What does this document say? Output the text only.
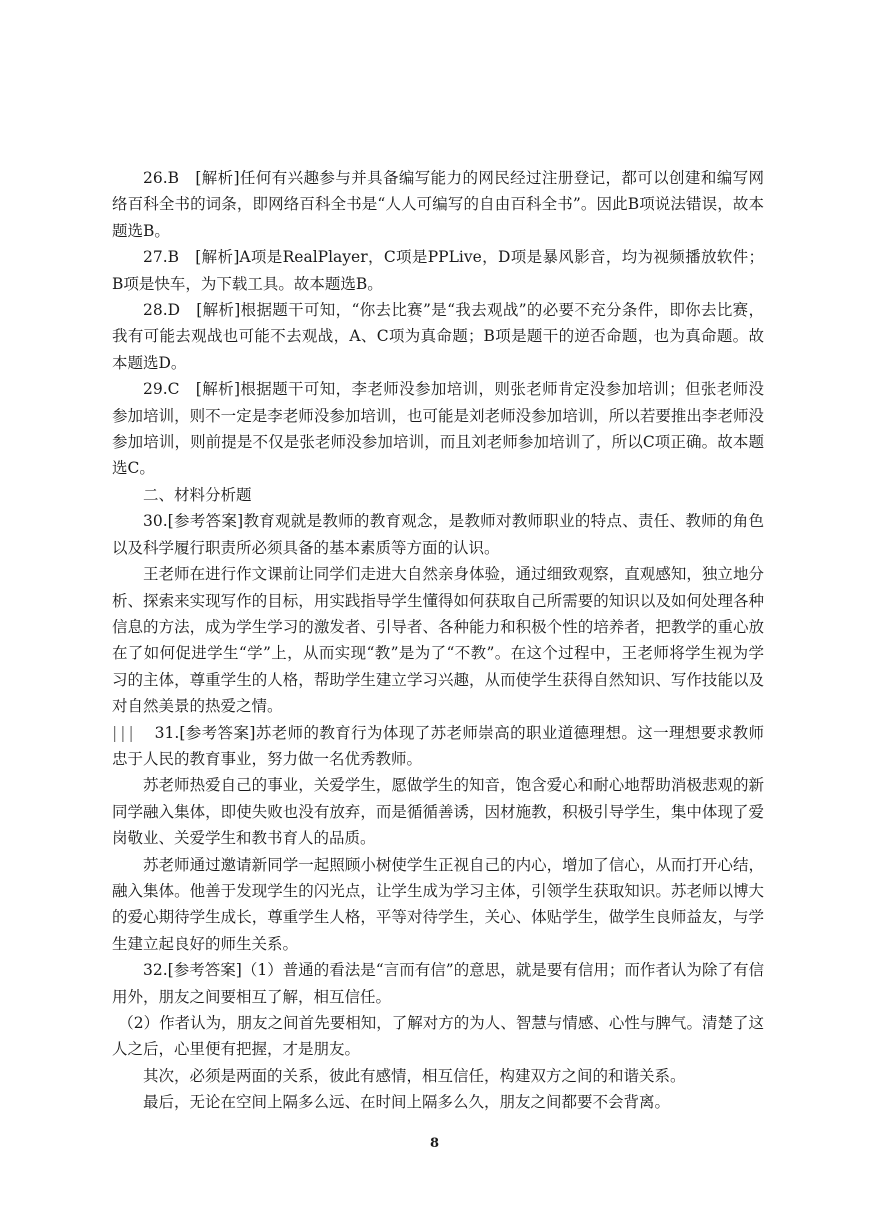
26.B　[解析]任何有兴趣参与并具备编写能力的网民经过注册登记，都可以创建和编写网络百科全书的词条，即网络百科全书是“人人可编写的自由百科全书”。因此B项说法错误，故本题选B。

27.B　[解析]A项是RealPlayer，C项是PPLive，D项是暴风影音，均为视频播放软件；B项是快车，为下载工具。故本题选B。

28.D　[解析]根据题干可知，“你去比赛”是“我去观战”的必要不充分条件，即你去比赛，我有可能去观战也可能不去观战，A、C项为真命题；B项是题干的逆否命题，也为真命题。故本题选D。

29.C　[解析]根据题干可知，李老师没参加培训，则张老师肯定没参加培训；但张老师没参加培训，则不一定是李老师没参加培训，也可能是刘老师没参加培训，所以若要推出李老师没参加培训，则前提是不仅是张老师没参加培训，而且刘老师参加培训了，所以C项正确。故本题选C。

二、材料分析题

30.[参考答案]教育观就是教师的教育观念，是教师对教师职业的特点、责任、教师的角色以及科学履行职责所必须具备的基本素质等方面的认识。

王老师在进行作文课前让同学们走进大自然亲身体验，通过细致观察，直观感知，独立地分析、探索来实现写作的目标，用实践指导学生懂得如何获取自己所需要的知识以及如何处理各种信息的方法，成为学生学习的激发者、引导者、各种能力和积极个性的培养者，把教学的重心放在了如何促进学生“学”上，从而实现“教”是为了“不教”。在这个过程中，王老师将学生视为学习的主体，尊重学生的人格，帮助学生建立学习兴趣，从而使学生获得自然知识、写作技能以及对自然美景的热爱之情。

||| 31.[参考答案]苏老师的教育行为体现了苏老师崇高的职业道德理想。这一理想要求教师忠于人民的教育事业，努力做一名优秀教师。

苏老师热爱自己的事业，关爱学生，愿做学生的知音，饱含爱心和耐心地帮助消极悲观的新同学融入集体，即使失败也没有放弃，而是循循善诱，因材施教，积极引导学生，集中体现了爱岗敬业、关爱学生和教书育人的品质。

苏老师通过邀请新同学一起照顾小树使学生正视自己的内心，增加了信心，从而打开心结，融入集体。他善于发现学生的闪光点，让学生成为学习主体，引领学生获取知识。苏老师以博大的爱心期待学生成长，尊重学生人格，平等对待学生，关心、体贴学生，做学生良师益友，与学生建立起良好的师生关系。

32.[参考答案]（1）普通的看法是“言而有信”的意思，就是要有信用；而作者认为除了有信用外，朋友之间要相互了解，相互信任。

（2）作者认为，朋友之间首先要相知，了解对方的为人、智慧与情感、心性与脾气。清楚了这人之后，心里便有把握，才是朋友。

其次，必须是两面的关系，彼此有感情，相互信任，构建双方之间的和谐关系。

最后，无论在空间上隔多么远、在时间上隔多么久，朋友之间都要不会背离。

8
